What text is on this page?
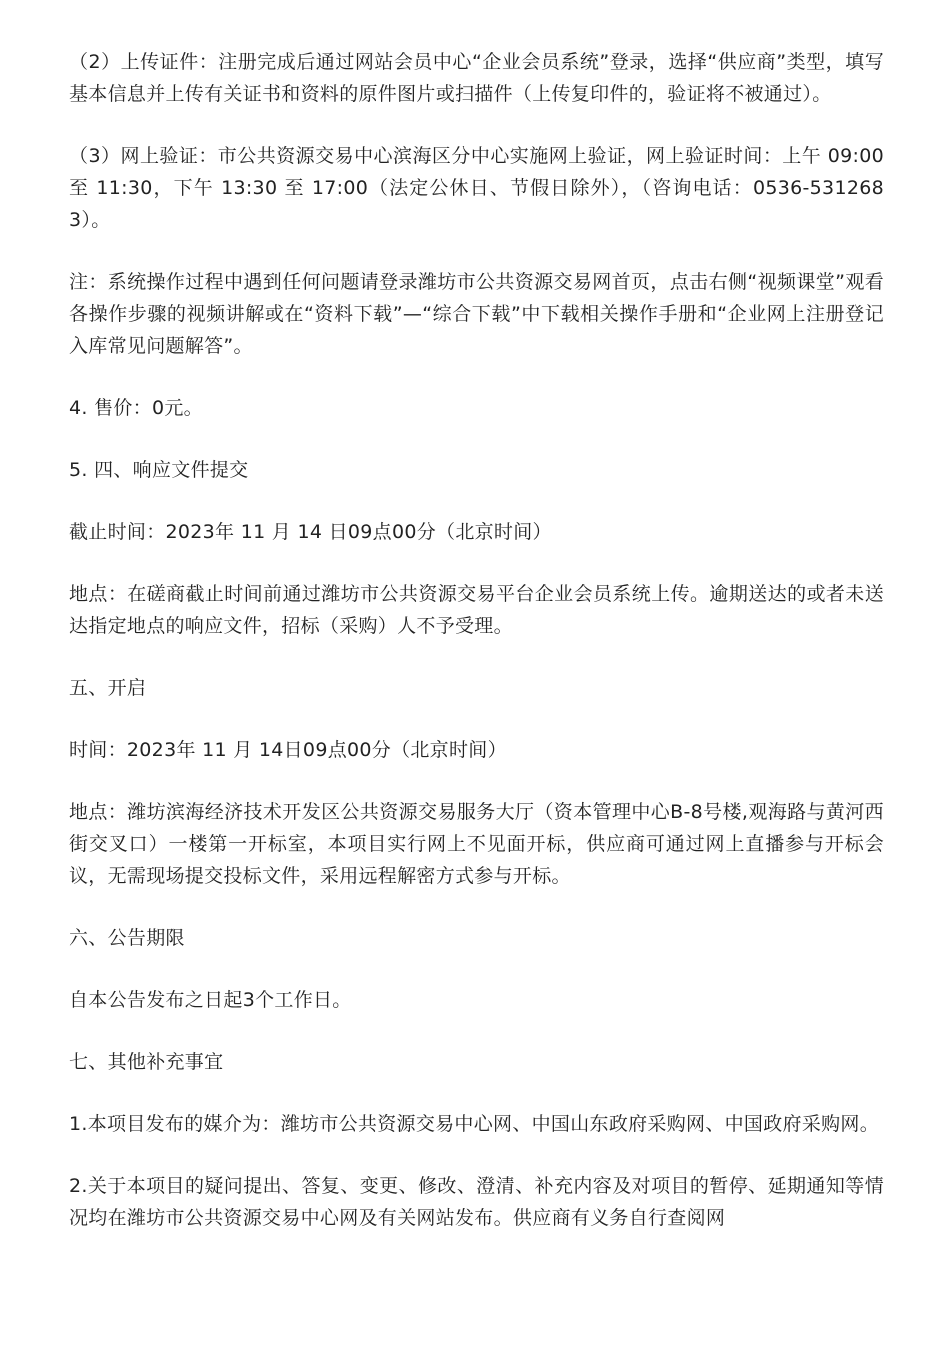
（2）上传证件：注册完成后通过网站会员中心“企业会员系统”登录，选择“供应商”类型，填写基本信息并上传有关证书和资料的原件图片或扫描件（上传复印件的，验证将不被通过）。

（3）网上验证：市公共资源交易中心滨海区分中心实施网上验证，网上验证时间：上午 09:00 至 11:30，下午 13:30 至 17:00（法定公休日、节假日除外），（咨询电话：0536-5312683）。

注：系统操作过程中遇到任何问题请登录潍坊市公共资源交易网首页，点击右侧“视频课堂”观看各操作步骤的视频讲解或在“资料下载”—“综合下载”中下载相关操作手册和“企业网上注册登记入库常见问题解答”。

4. 售价：0元。

5. 四、响应文件提交

截止时间：2023年 11 月 14 日09点00分（北京时间）

地点：在磋商截止时间前通过潍坊市公共资源交易平台企业会员系统上传。逾期送达的或者未送达指定地点的响应文件，招标（采购）人不予受理。

五、开启

时间：2023年 11 月 14日09点00分（北京时间）

地点：潍坊滨海经济技术开发区公共资源交易服务大厅（资本管理中心B-8号楼,观海路与黄河西街交叉口）一楼第一开标室，本项目实行网上不见面开标，供应商可通过网上直播参与开标会议，无需现场提交投标文件，采用远程解密方式参与开标。

六、公告期限

自本公告发布之日起3个工作日。

七、其他补充事宜

1.本项目发布的媒介为：潍坊市公共资源交易中心网、中国山东政府采购网、中国政府采购网。

2.关于本项目的疑问提出、答复、变更、修改、澄清、补充内容及对项目的暂停、延期通知等情况均在潍坊市公共资源交易中心网及有关网站发布。供应商有义务自行查阅网
